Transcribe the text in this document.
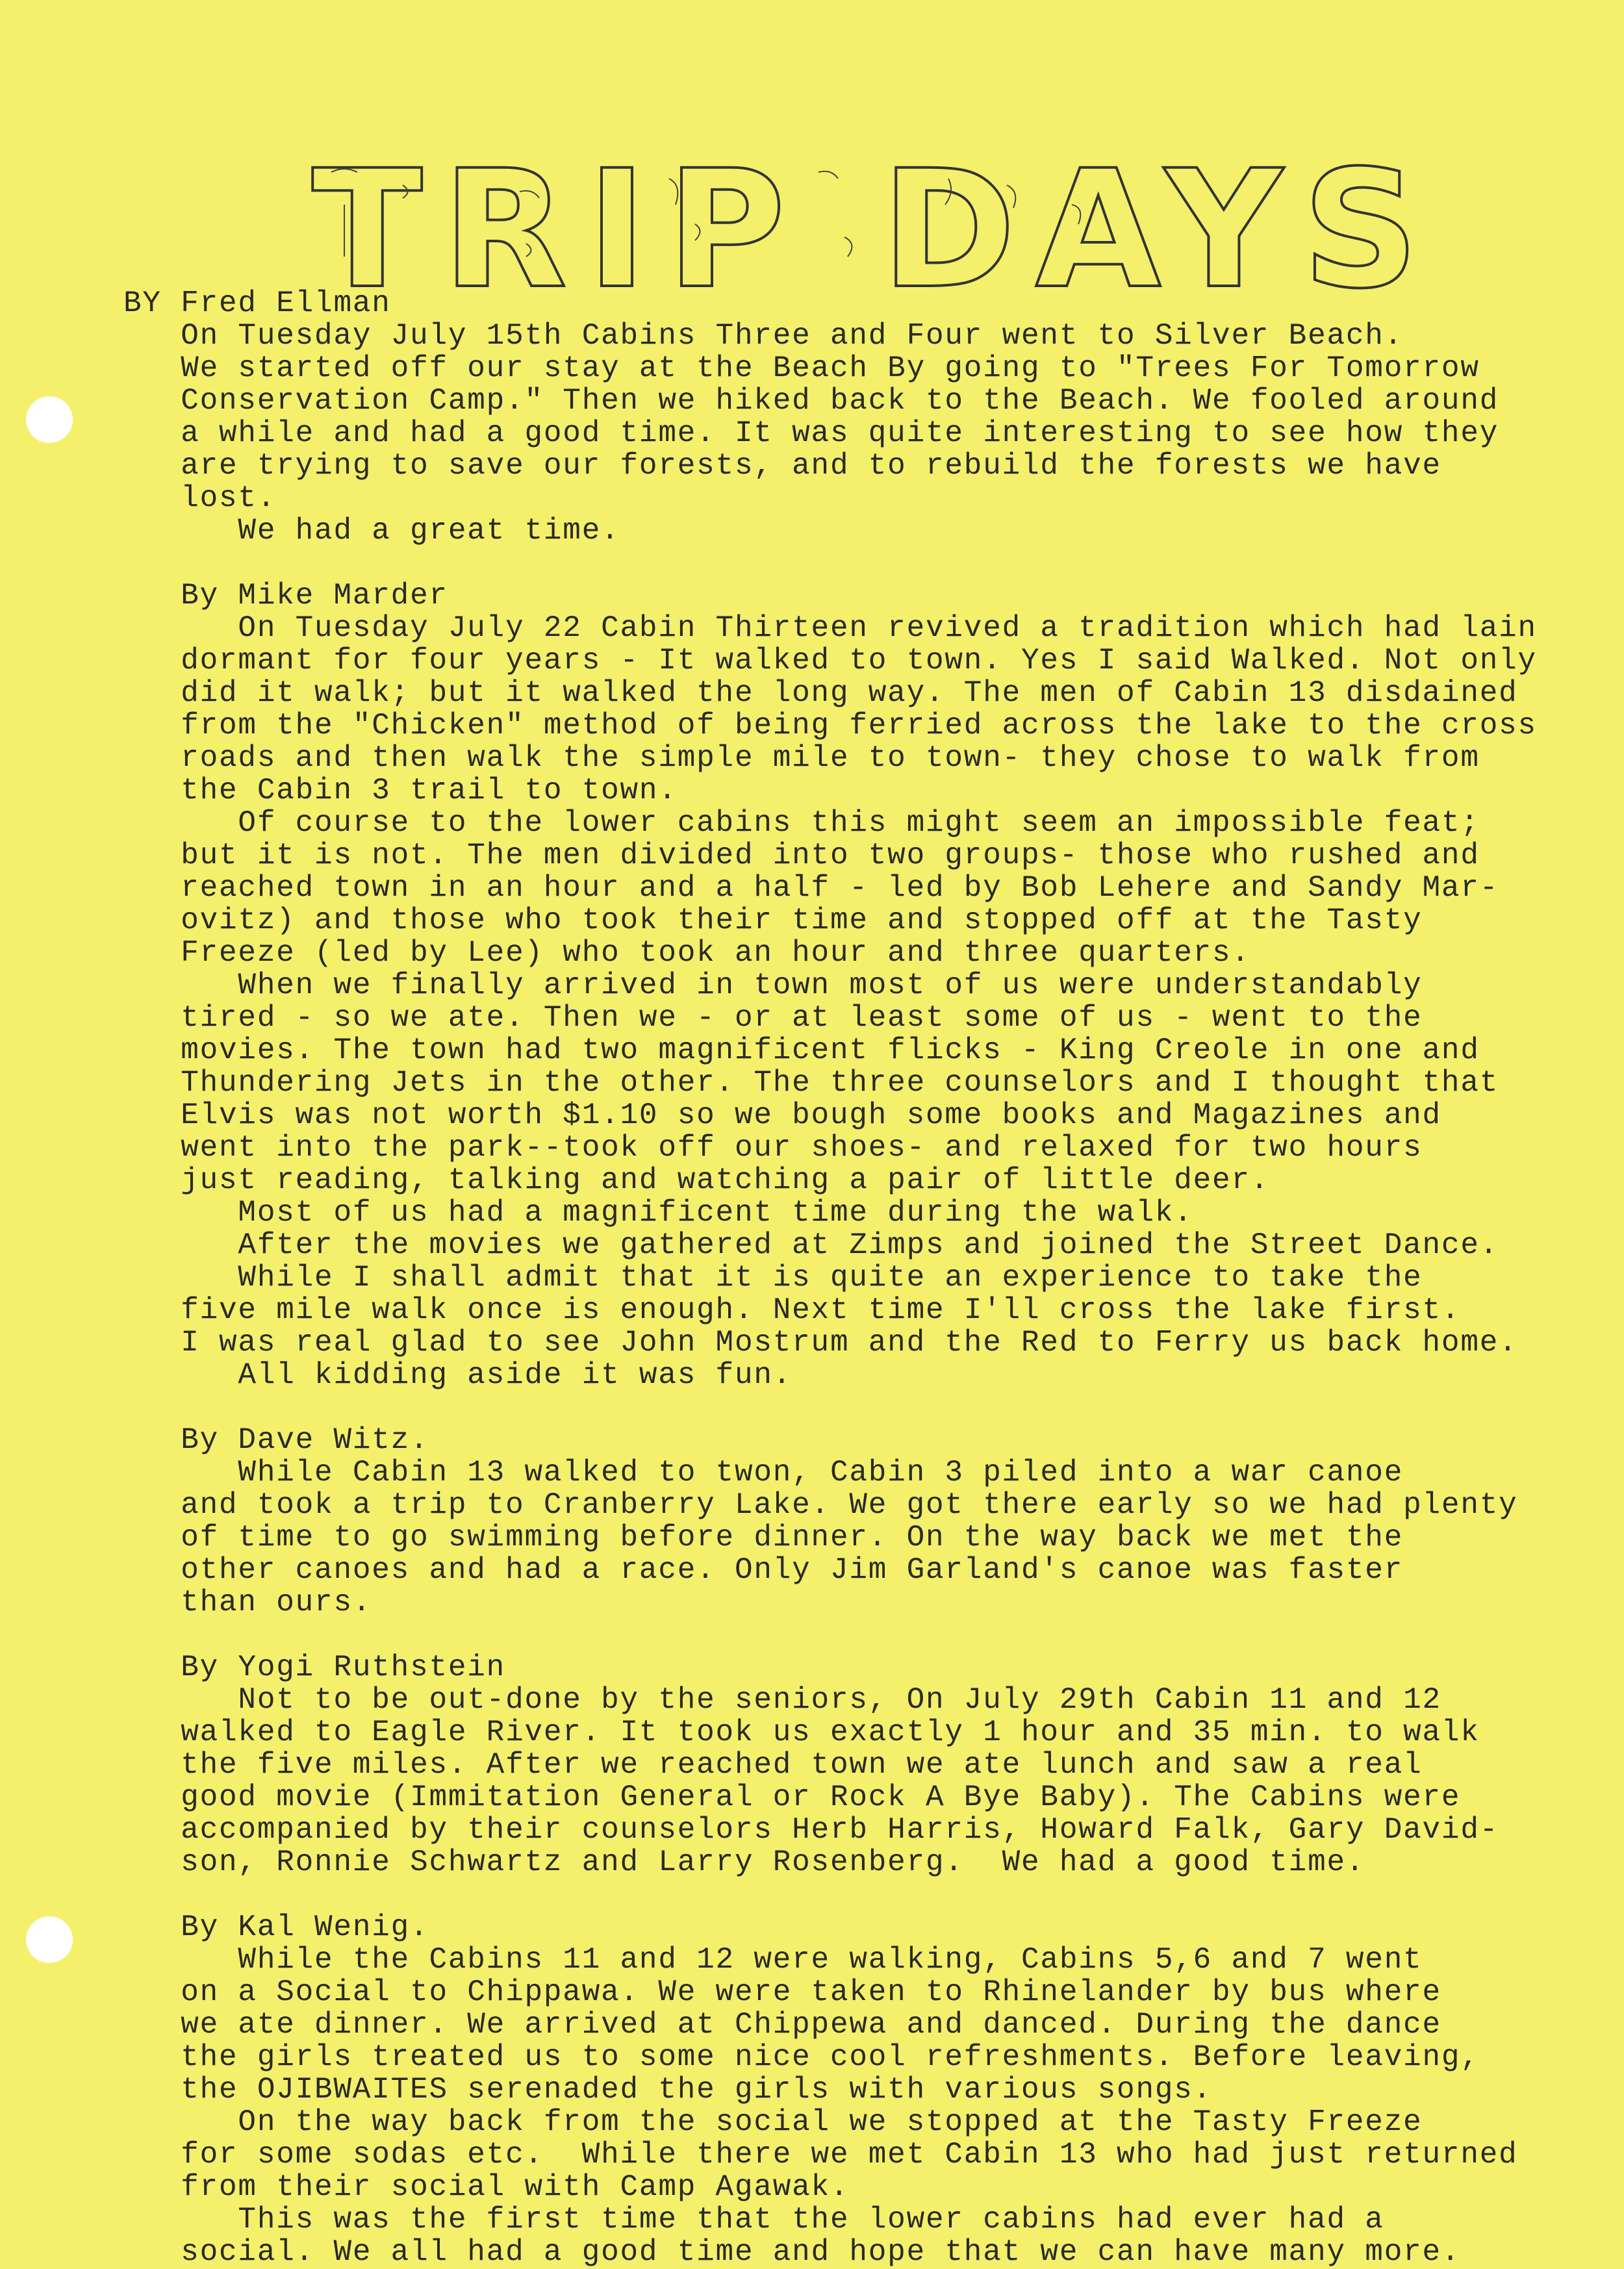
TRIP DAYS
BY Fred Ellman
On Tuesday July 15th Cabins Three and Four went to Silver Beach.
We started off our stay at the Beach By going to "Trees For Tomorrow
Conservation Camp." Then we hiked back to the Beach. We fooled around
a while and had a good time. It was quite interesting to see how they
are trying to save our forests, and to rebuild the forests we have
lost.
We had a great time.
By Mike Marder
On Tuesday July 22 Cabin Thirteen revived a tradition which had lain
dormant for four years - It walked to town. Yes I said Walked. Not only
did it walk; but it walked the long way. The men of Cabin 13 disdained
from the "Chicken" method of being ferried across the lake to the cross
roads and then walk the simple mile to town- they chose to walk from
the Cabin 3 trail to town.
Of course to the lower cabins this might seem an impossible feat;
but it is not. The men divided into two groups- those who rushed and
reached town in an hour and a half - led by Bob Lehere and Sandy Mar-
ovitz) and those who took their time and stopped off at the Tasty
Freeze (led by Lee) who took an hour and three quarters.
When we finally arrived in town most of us were understandably
tired - so we ate. Then we - or at least some of us - went to the
movies. The town had two magnificent flicks - King Creole in one and
Thundering Jets in the other. The three counselors and I thought that
Elvis was not worth $1.10 so we bough some books and Magazines and
went into the park--took off our shoes- and relaxed for two hours
just reading, talking and watching a pair of little deer.
Most of us had a magnificent time during the walk.
After the movies we gathered at Zimps and joined the Street Dance.
While I shall admit that it is quite an experience to take the
five mile walk once is enough. Next time I'll cross the lake first.
I was real glad to see John Mostrum and the Red to Ferry us back home.
All kidding aside it was fun.
By Dave Witz.
While Cabin 13 walked to twon, Cabin 3 piled into a war canoe
and took a trip to Cranberry Lake. We got there early so we had plenty
of time to go swimming before dinner. On the way back we met the
other canoes and had a race. Only Jim Garland's canoe was faster
than ours.
By Yogi Ruthstein
Not to be out-done by the seniors, On July 29th Cabin 11 and 12
walked to Eagle River. It took us exactly 1 hour and 35 min. to walk
the five miles. After we reached town we ate lunch and saw a real
good movie (Immitation General or Rock A Bye Baby). The Cabins were
accompanied by their counselors Herb Harris, Howard Falk, Gary David-
son, Ronnie Schwartz and Larry Rosenberg.  We had a good time.
By Kal Wenig.
While the Cabins 11 and 12 were walking, Cabins 5,6 and 7 went
on a Social to Chippawa. We were taken to Rhinelander by bus where
we ate dinner. We arrived at Chippewa and danced. During the dance
the girls treated us to some nice cool refreshments. Before leaving,
the OJIBWAITES serenaded the girls with various songs.
On the way back from the social we stopped at the Tasty Freeze
for some sodas etc.  While there we met Cabin 13 who had just returned
from their social with Camp Agawak.
This was the first time that the lower cabins had ever had a
social. We all had a good time and hope that we can have many more.
